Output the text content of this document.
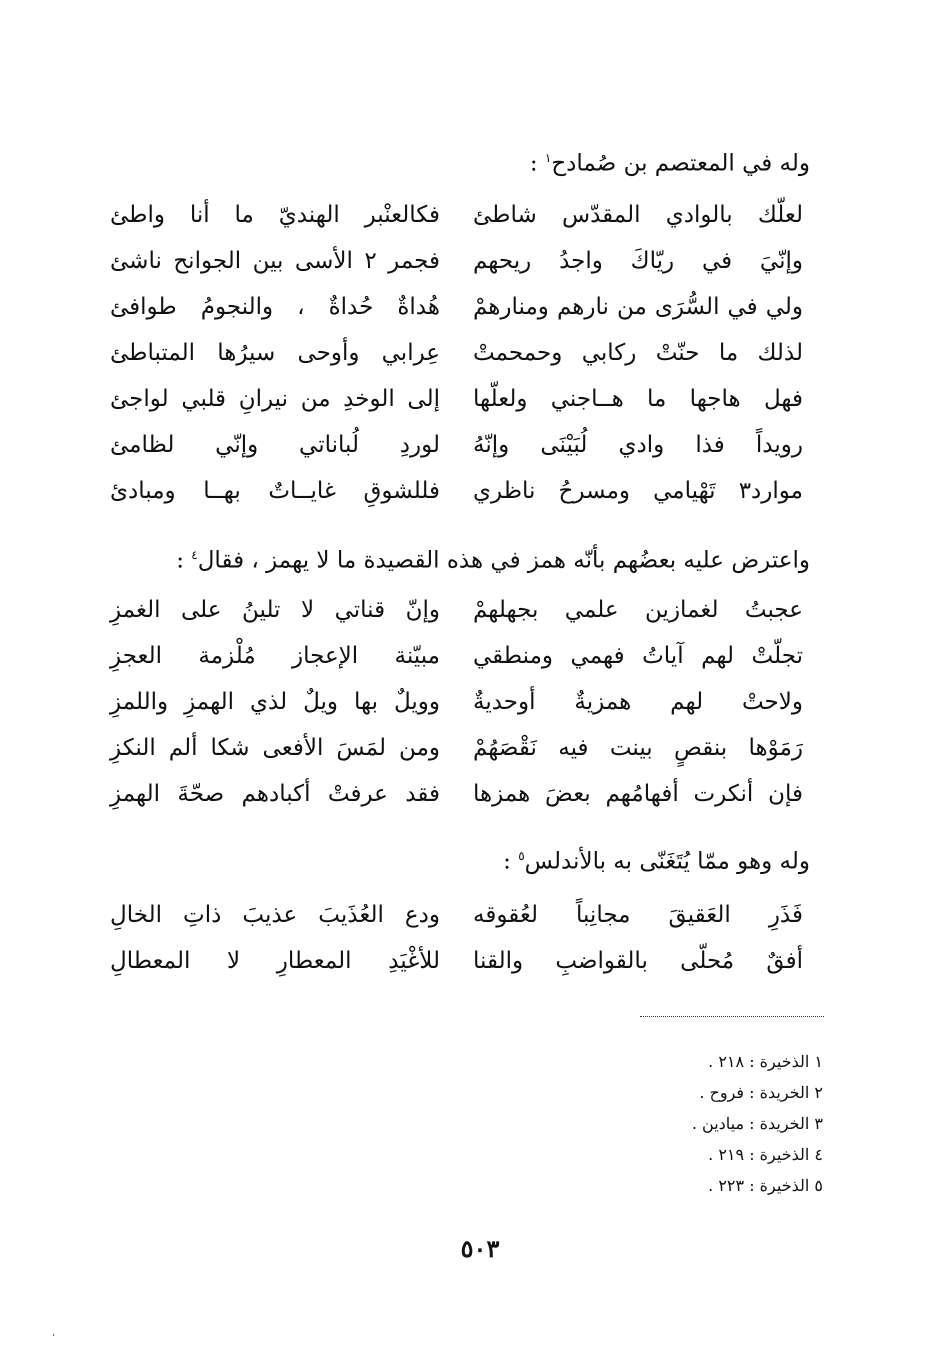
وله في المعتصم بن صُمادح$^١$ :
لعلّك بالوادي المقدّس شاطئ
فكالعنْبر الهنديّ ما أنا واطئ
وإنّيَ في ريّاكَ واجدُ ريحهم
فجمر ٢ الأسى بين الجوانح ناشئ
ولي في السُّرَى من نارهم ومنارهمْ
هُداةٌ حُداةٌ ، والنجومُ طوافئ
لذلك ما حنّتْ ركابي وحمحمتْ
عِرابي وأوحى سيرُها المتباطئ
فهل هاجها ما هــاجني ولعلّها
إلى الوخدِ من نيرانِ قلبي لواجئ
رويداً فذا وادي لُبَيْنَى وإنّهُ
لوردِ لُباناتي وإنّي لظامئ
موارد٣ تَهْيامي ومسرحُ ناظري
فللشوقِ غايــاتٌ بهــا ومبادئ
واعترض عليه بعضُهم بأنّه همز في هذه القصيدة ما لا يهمز ، فقال$^٤$ :
عجبتُ لغمازين علمي بجهلهمْ
وإنّ قناتي لا تلينُ على الغمزِ
تجلّتْ لهم آياتُ فهمي ومنطقي
مبيّنة الإعجاز مُلْزمة العجزِ
ولاحتْ لهم همزيةٌ أوحديةٌ
وويلٌ بها ويلٌ لذي الهمزِ واللمزِ
رَمَوْها بنقصٍ بينت فيه نَقْصَهُمْ
ومن لمَسَ الأفعى شكا ألم النكزِ
فإن أنكرت أفهامُهم بعضَ همزها
فقد عرفتْ أكبادهم صحّةَ الهمزِ
وله وهو ممّا يُتَغَنّى به بالأندلس$^٥$ :
فَذَرِ العَقيقَ مجانِباً لعُقوقه
ودع العُذَيبَ عذيبَ ذاتِ الخالِ
أفقٌ مُحلّى بالقواضبِ والقنا
للأغْيَدِ المعطارِ لا المعطالِ
١ الذخيرة : ٢١٨ .
٢ الخريدة : فروح .
٣ الخريدة : ميادين .
٤ الذخيرة : ٢١٩ .
٥ الذخيرة : ٢٢٣ .
٥٠٣
،
